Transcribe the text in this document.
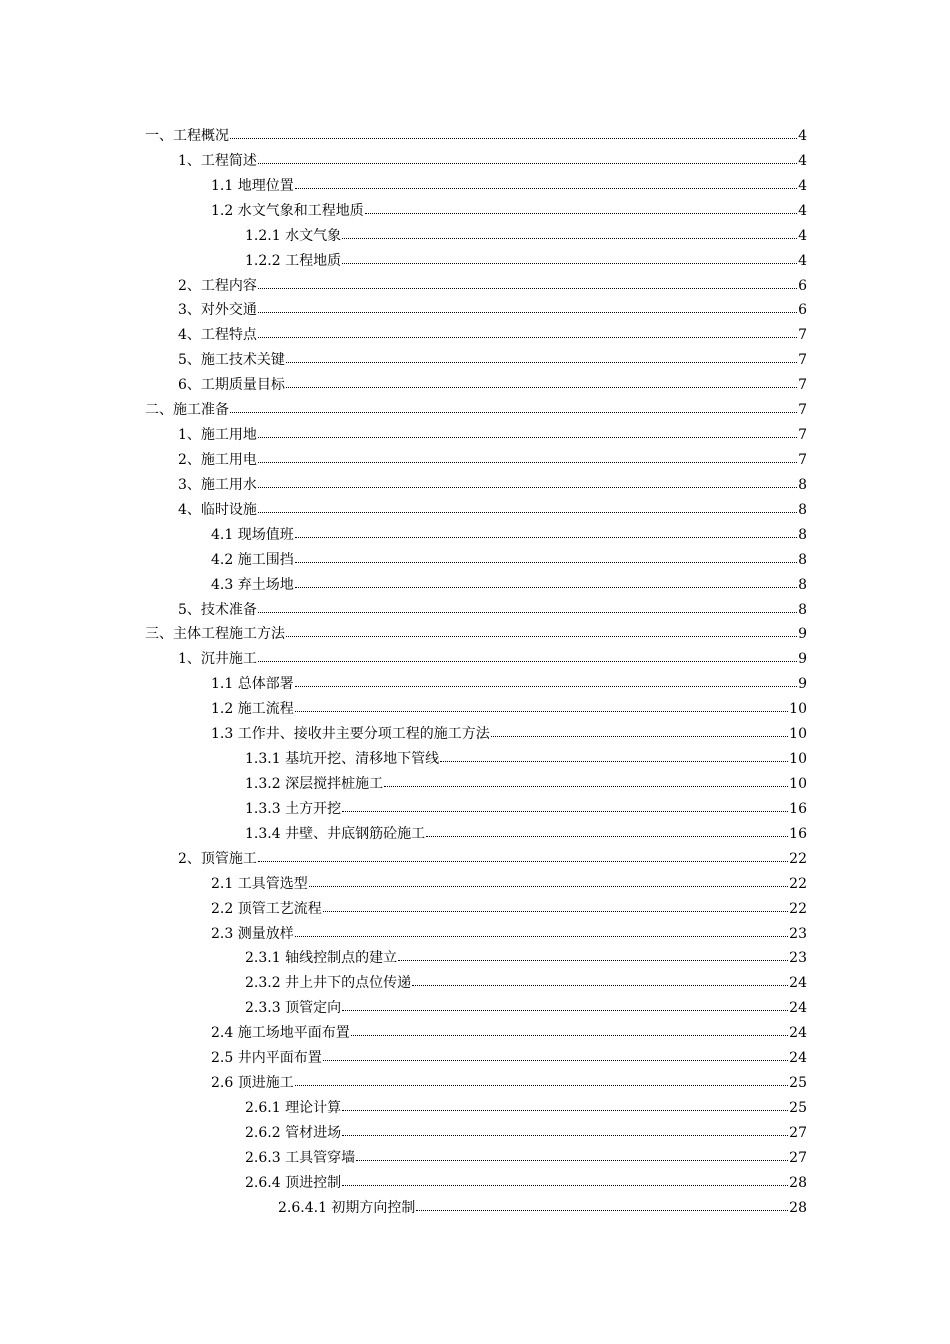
一、工程概况	4
1、工程简述	4
1.1 地理位置	4
1.2 水文气象和工程地质	4
1.2.1 水文气象	4
1.2.2 工程地质	4
2、工程内容	6
3、对外交通	6
4、工程特点	7
5、施工技术关键	7
6、工期质量目标	7
二、施工准备	7
1、施工用地	7
2、施工用电	7
3、施工用水	8
4、临时设施	8
4.1 现场值班	8
4.2 施工围挡	8
4.3 弃土场地	8
5、技术准备	8
三、主体工程施工方法	9
1、沉井施工	9
1.1 总体部署	9
1.2 施工流程	10
1.3 工作井、接收井主要分项工程的施工方法	10
1.3.1 基坑开挖、清移地下管线	10
1.3.2 深层搅拌桩施工	10
1.3.3 土方开挖	16
1.3.4 井壁、井底钢筋砼施工	16
2、顶管施工	22
2.1 工具管选型	22
2.2 顶管工艺流程	22
2.3 测量放样	23
2.3.1 轴线控制点的建立	23
2.3.2 井上井下的点位传递	24
2.3.3 顶管定向	24
2.4 施工场地平面布置	24
2.5 井内平面布置	24
2.6 顶进施工	25
2.6.1 理论计算	25
2.6.2 管材进场	27
2.6.3 工具管穿墙	27
2.6.4 顶进控制	28
2.6.4.1 初期方向控制	28
